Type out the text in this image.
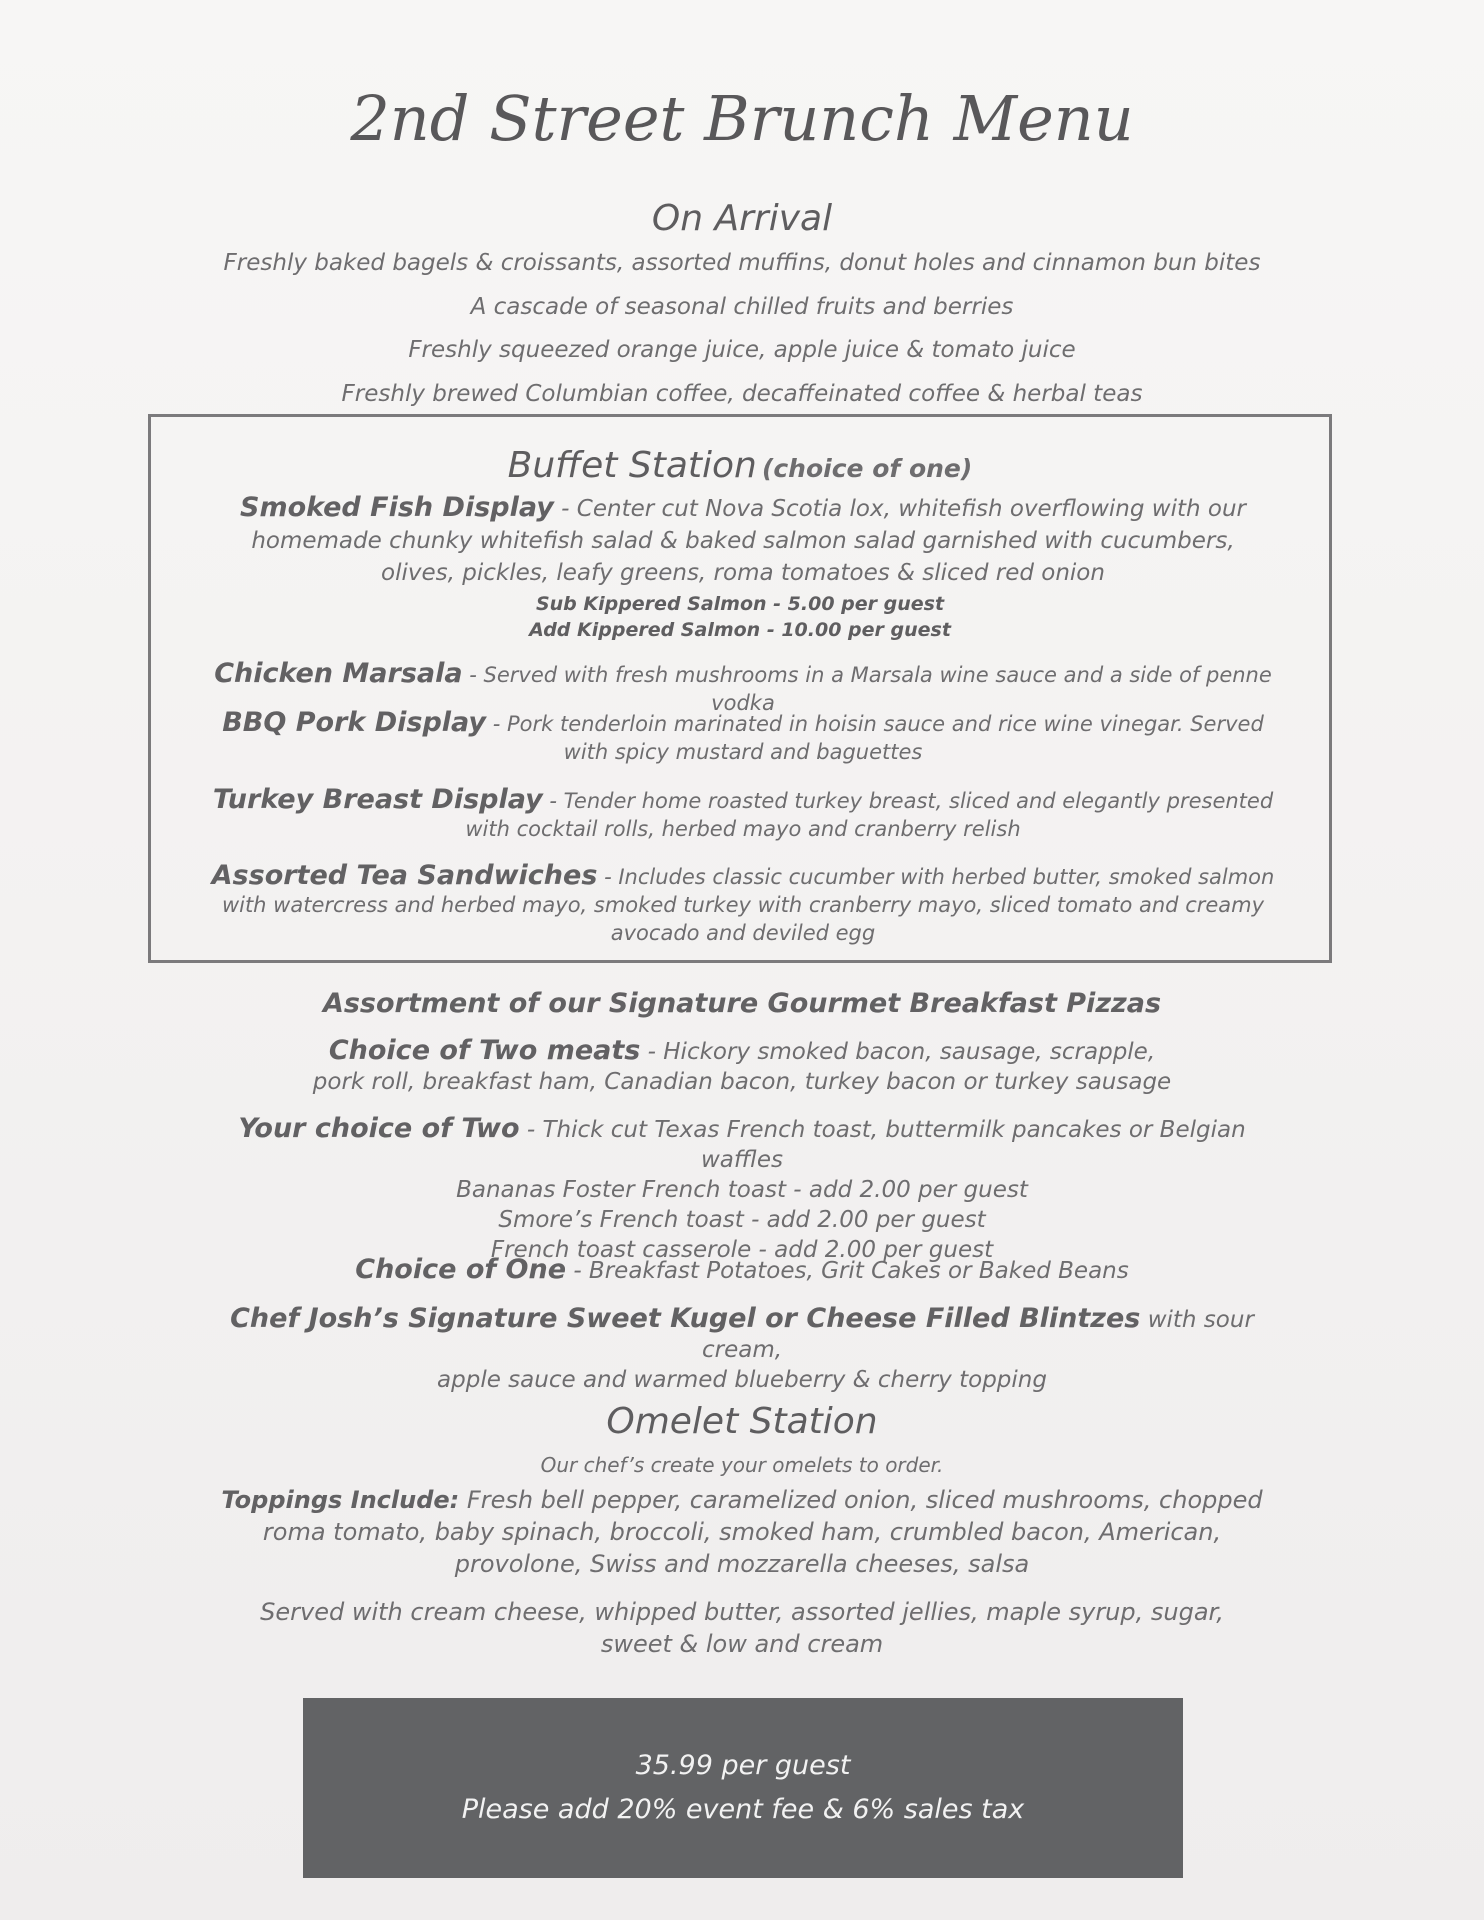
2nd Street Brunch Menu

On Arrival

Freshly baked bagels & croissants, assorted muffins, donut holes and cinnamon bun bites

A cascade of seasonal chilled fruits and berries

Freshly squeezed orange juice, apple juice & tomato juice

Freshly brewed Columbian coffee, decaffeinated coffee & herbal teas

Buffet Station (choice of one)
Smoked Fish Display - Center cut Nova Scotia lox, whitefish overflowing with our homemade chunky whitefish salad & baked salmon salad garnished with cucumbers, olives, pickles, leafy greens, roma tomatoes & sliced red onion
Sub Kippered Salmon - 5.00 per guest
Add Kippered Salmon - 10.00 per guest
Chicken Marsala - Served with fresh mushrooms in a Marsala wine sauce and a side of penne vodka
BBQ Pork Display - Pork tenderloin marinated in hoisin sauce and rice wine vinegar. Served with spicy mustard and baguettes
Turkey Breast Display - Tender home roasted turkey breast, sliced and elegantly presented with cocktail rolls, herbed mayo and cranberry relish
Assorted Tea Sandwiches - Includes classic cucumber with herbed butter, smoked salmon with watercress and herbed mayo, smoked turkey with cranberry mayo, sliced tomato and creamy avocado and deviled egg

Assortment of our Signature Gourmet Breakfast Pizzas

Choice of Two meats - Hickory smoked bacon, sausage, scrapple,
pork roll, breakfast ham, Canadian bacon, turkey bacon or turkey sausage
Your choice of Two - Thick cut Texas French toast, buttermilk pancakes or Belgian waffles
Bananas Foster French toast - add 2.00 per guest
Smore’s French toast - add 2.00 per guest
French toast casserole - add 2.00 per guest
Choice of One - Breakfast Potatoes, Grit Cakes or Baked Beans
Chef Josh’s Signature Sweet Kugel or Cheese Filled Blintzes with sour cream,
apple sauce and warmed blueberry & cherry topping

Omelet Station

Our chef’s create your omelets to order.

Toppings Include: Fresh bell pepper, caramelized onion, sliced mushrooms, chopped roma tomato, baby spinach, broccoli, smoked ham, crumbled bacon, American, provolone, Swiss and mozzarella cheeses, salsa
Served with cream cheese, whipped butter, assorted jellies, maple syrup, sugar,
sweet & low and cream

35.99 per guest

Please add 20% event fee & 6% sales tax
